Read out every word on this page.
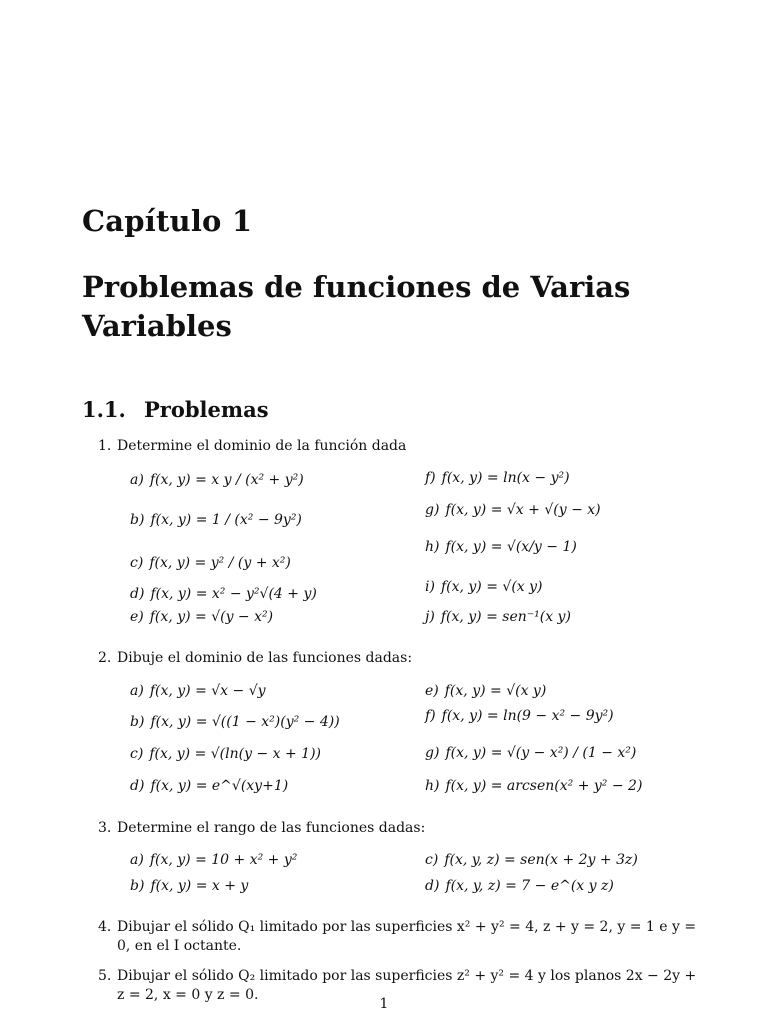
Capítulo 1
Problemas de funciones de Varias Variables
1.1. Problemas
1. Determine el dominio de la función dada
a) f(x, y) = x y / (x² + y²)
b) f(x, y) = 1 / (x² − 9y²)
c) f(x, y) = y² / (y + x²)
d) f(x, y) = x² − y²√(4 + y)
e) f(x, y) = √(y − x²)
f) f(x, y) = ln(x − y²)
g) f(x, y) = √x + √(y − x)
h) f(x, y) = √(x/y − 1)
i) f(x, y) = √(x y)
j) f(x, y) = sen⁻¹(x y)
2. Dibuje el dominio de las funciones dadas:
a) f(x, y) = √x − √y
b) f(x, y) = √((1 − x²)(y² − 4))
c) f(x, y) = √(ln(y − x + 1))
d) f(x, y) = e^√(xy+1)
e) f(x, y) = √(x y)
f) f(x, y) = ln(9 − x² − 9y²)
g) f(x, y) = √(y − x²) / (1 − x²)
h) f(x, y) = arcsen(x² + y² − 2)
3. Determine el rango de las funciones dadas:
a) f(x, y) = 10 + x² + y²
b) f(x, y) = x + y
c) f(x, y, z) = sen(x + 2y + 3z)
d) f(x, y, z) = 7 − e^(x y z)
4. Dibujar el sólido Q₁ limitado por las superficies x² + y² = 4, z + y = 2, y = 1 e y = 0, en el I octante.
5. Dibujar el sólido Q₂ limitado por las superficies z² + y² = 4 y los planos 2x − 2y + z = 2, x = 0 y z = 0.
1
